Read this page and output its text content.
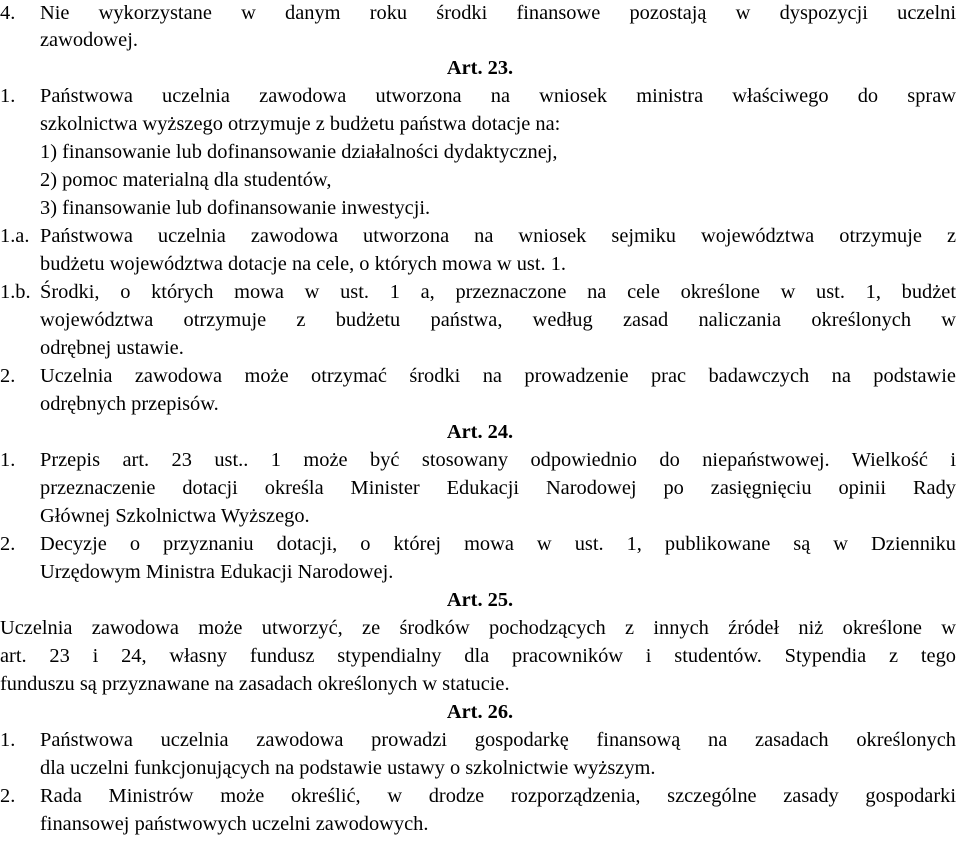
4.	Nie wykorzystane w danym roku środki finansowe pozostają w dyspozycji uczelni
zawodowej.
Art. 23.
1. Państwowa uczelnia zawodowa utworzona na wniosek ministra właściwego do spraw
szkolnictwa wyższego otrzymuje z budżetu państwa dotacje na:
1) finansowanie lub dofinansowanie działalności dydaktycznej,
2) pomoc materialną dla studentów,
3) finansowanie lub dofinansowanie inwestycji.
1.a. Państwowa uczelnia zawodowa utworzona na wniosek sejmiku województwa otrzymuje z
budżetu województwa dotacje na cele, o których mowa w ust. 1.
1.b. Środki, o których mowa w ust. 1 a, przeznaczone na cele określone w ust. 1, budżet
województwa otrzymuje z budżetu państwa, według zasad naliczania określonych w
odrębnej ustawie.
2. Uczelnia zawodowa może otrzymać środki na prowadzenie prac badawczych na podstawie
odrębnych przepisów.
Art. 24.
1. Przepis art. 23 ust.. 1 może być stosowany odpowiednio do niepaństwowej. Wielkość i
przeznaczenie dotacji określa Minister Edukacji Narodowej po zasięgnięciu opinii Rady
Głównej Szkolnictwa Wyższego.
2. Decyzje o przyznaniu dotacji, o której mowa w ust. 1, publikowane są w Dzienniku
Urzędowym Ministra Edukacji Narodowej.
Art. 25.
Uczelnia zawodowa może utworzyć, ze środków pochodzących z innych źródeł niż określone w
art. 23 i 24, własny fundusz stypendialny dla pracowników i studentów. Stypendia z tego
funduszu są przyznawane na zasadach określonych w statucie.
Art. 26.
1. Państwowa uczelnia zawodowa prowadzi gospodarkę finansową na zasadach określonych
dla uczelni funkcjonujących na podstawie ustawy o szkolnictwie wyższym.
2. Rada Ministrów może określić, w drodze rozporządzenia, szczególne zasady gospodarki
finansowej państwowych uczelni zawodowych.
